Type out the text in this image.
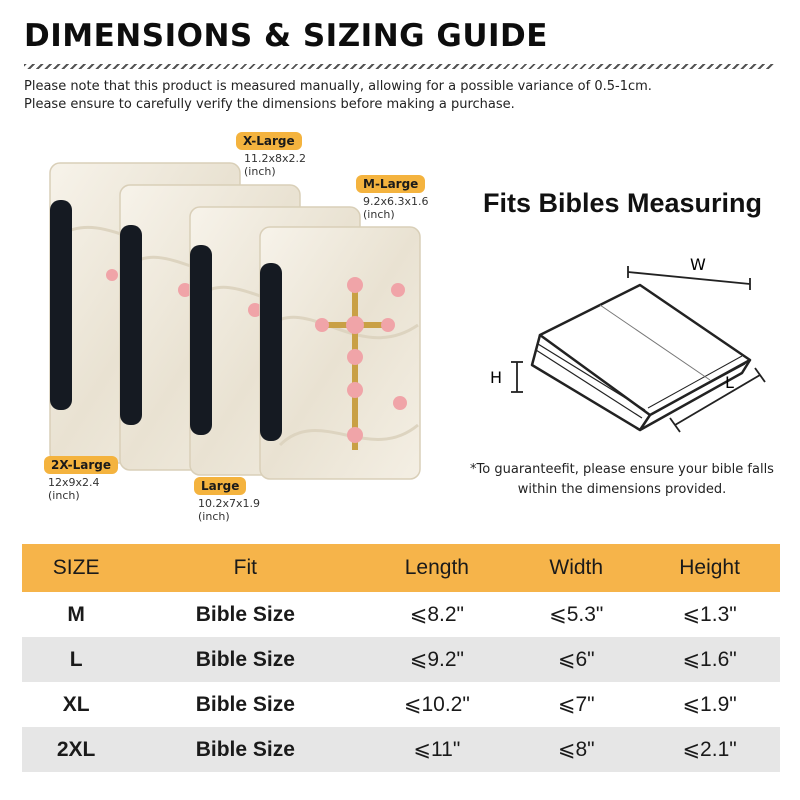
DIMENSIONS & SIZING GUIDE
Please note that this product is measured manually, allowing for a possible variance of 0.5-1cm.
Please ensure to carefully verify the dimensions before making a purchase.
X-Large
11.2x8x2.2
(inch)
M-Large
9.2x6.3x1.6
(inch)
2X-Large
12x9x2.4
(inch)
Large
10.2x7x1.9
(inch)
Fits Bibles Measuring
W
H	L
*To guaranteefit, please ensure your bible falls
within the dimensions provided.
SIZE	Fit	Length	Width	Height
M	Bible Size	⩽8.2"	⩽5.3"	⩽1.3"
L	Bible Size	⩽9.2"	⩽6"	⩽1.6"
XL	Bible Size	⩽10.2"	⩽7"	⩽1.9"
2XL	Bible Size	⩽11"	⩽8"	⩽2.1"
